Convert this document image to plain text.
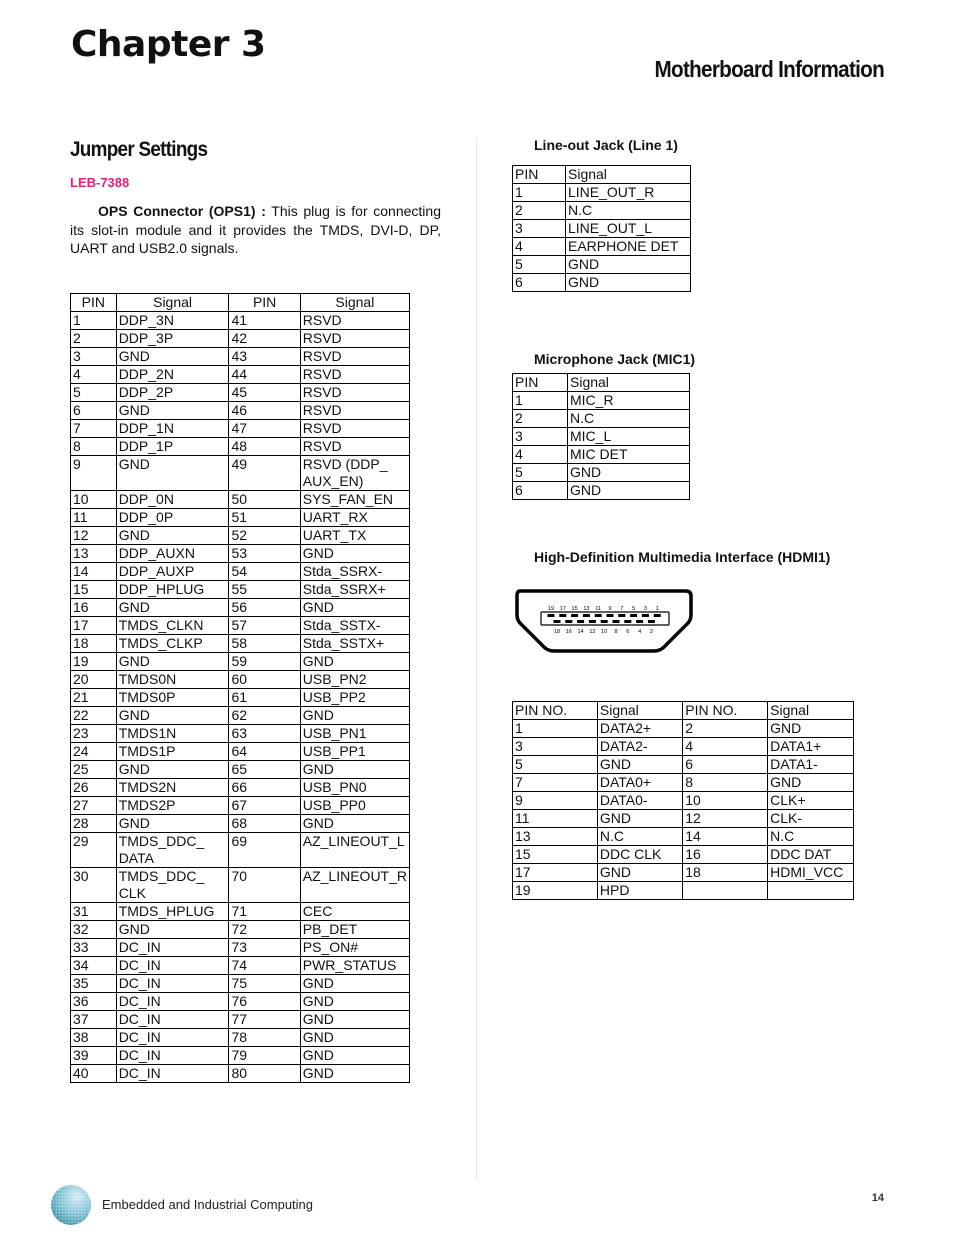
Chapter 3
Motherboard Information
Jumper Settings
LEB-7388
OPS Connector (OPS1) : This plug is for connecting its slot-in module and it provides the TMDS, DVI-D, DP, UART and USB2.0 signals.
PIN	Signal	PIN	Signal
1	DDP_3N	41	RSVD
2	DDP_3P	42	RSVD
3	GND	43	RSVD
4	DDP_2N	44	RSVD
5	DDP_2P	45	RSVD
6	GND	46	RSVD
7	DDP_1N	47	RSVD
8	DDP_1P	48	RSVD
9	GND	49	RSVD (DDP_ AUX_EN)
10	DDP_0N	50	SYS_FAN_EN
11	DDP_0P	51	UART_RX
12	GND	52	UART_TX
13	DDP_AUXN	53	GND
14	DDP_AUXP	54	Stda_SSRX-
15	DDP_HPLUG	55	Stda_SSRX+
16	GND	56	GND
17	TMDS_CLKN	57	Stda_SSTX-
18	TMDS_CLKP	58	Stda_SSTX+
19	GND	59	GND
20	TMDS0N	60	USB_PN2
21	TMDS0P	61	USB_PP2
22	GND	62	GND
23	TMDS1N	63	USB_PN1
24	TMDS1P	64	USB_PP1
25	GND	65	GND
26	TMDS2N	66	USB_PN0
27	TMDS2P	67	USB_PP0
28	GND	68	GND
29	TMDS_DDC_ DATA	69	AZ_LINEOUT_L
30	TMDS_DDC_ CLK	70	AZ_LINEOUT_R
31	TMDS_HPLUG	71	CEC
32	GND	72	PB_DET
33	DC_IN	73	PS_ON#
34	DC_IN	74	PWR_STATUS
35	DC_IN	75	GND
36	DC_IN	76	GND
37	DC_IN	77	GND
38	DC_IN	78	GND
39	DC_IN	79	GND
40	DC_IN	80	GND
Line-out Jack (Line 1)
PIN	Signal
1	LINE_OUT_R
2	N.C
3	LINE_OUT_L
4	EARPHONE DET
5	GND
6	GND
Microphone Jack (MIC1)
PIN	Signal
1	MIC_R
2	N.C
3	MIC_L
4	MIC DET
5	GND
6	GND
High-Definition Multimedia Interface (HDMI1)
19 17 15 13 11 9 7 5 3 1
18 16 14 12 10 8 6 4 2
PIN NO.	Signal	PIN NO.	Signal
1	DATA2+	2	GND
3	DATA2-	4	DATA1+
5	GND	6	DATA1-
7	DATA0+	8	GND
9	DATA0-	10	CLK+
11	GND	12	CLK-
13	N.C	14	N.C
15	DDC CLK	16	DDC DAT
17	GND	18	HDMI_VCC
19	HPD		
Embedded and Industrial Computing	14
